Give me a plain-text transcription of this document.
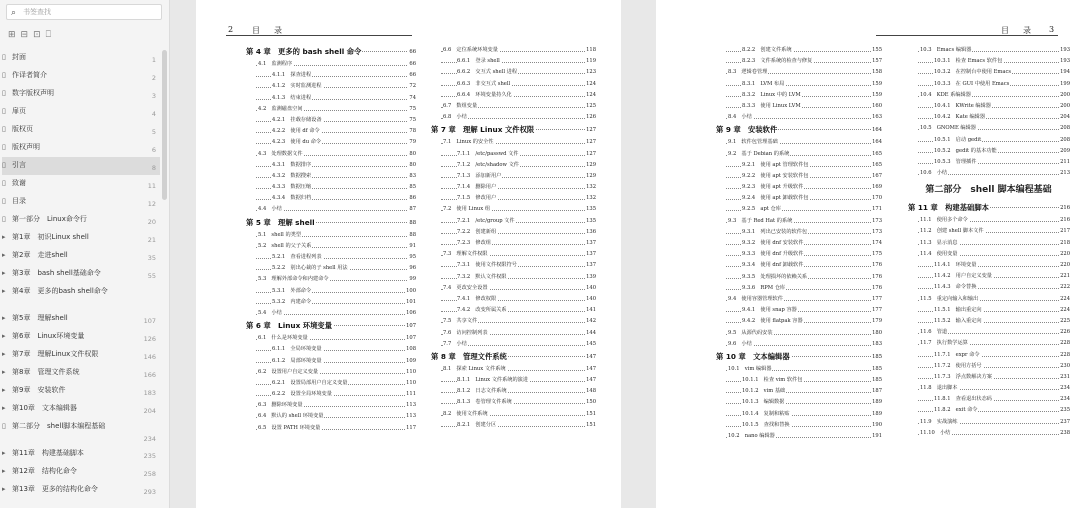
⌕ 书签查找
⊞⊟⊡⎕
▯ 封面	1
▯ 作译者简介	2
▯ 数字版权声明	3
▯ 扉页	4
▯ 版权页	5
▯ 版权声明	6
▯ 引言	8
▯ 致谢	11
▯ 目录	12
▯ 第一部分　Linux命令行	20
▸ 第1章　初识Linux shell	21
▸ 第2章　走进shell	35
▸ 第3章　bash shell基础命令	55
▸ 第4章　更多的bash shell命令
▸ 第5章　理解shell	107
▸ 第6章　Linux环境变量	126
▸ 第7章　理解Linux文件权限	146
▸ 第8章　管理文件系统	166
▸ 第9章　安装软件	183
▸ 第10章　文本编辑器	204
▯ 第二部分　shell脚本编程基础
234
▸ 第11章　构建基础脚本	235
▸ 第12章　结构化命令	258
▸ 第13章　更多的结构化命令	293
2 目　录
第 4 章　更多的 bash shell 命令	66
4.1　监测程序	66
4.1.1　探查进程	66
4.1.2　实时监测进程	72
4.1.3　结束进程	74
4.2　监测磁盘空间	75
4.2.1　挂载存储设备	75
4.2.2　使用 df 命令	78
4.2.3　使用 du 命令	79
4.3　处理数据文件	80
4.3.1　数据排序	80
4.3.2　数据搜索	83
4.3.3　数据压缩	85
4.3.4　数据归档	86
4.4　小结	87
第 5 章　理解 shell	88
5.1　shell 的类型	88
5.2　shell 的父子关系	91
5.2.1　查看进程列表	95
5.2.2　别出心裁的子 shell 用法	96
5.3　理解外部命令和内建命令	99
5.3.1　外部命令	100
5.3.2　内建命令	101
5.4　小结	106
第 6 章　Linux 环境变量	107
6.1　什么是环境变量	107
6.1.1　全局环境变量	108
6.1.2　局部环境变量	109
6.2　设置用户自定义变量	110
6.2.1　设置局部用户自定义变量	110
6.2.2　设置全局环境变量	111
6.3　删除环境变量	113
6.4　默认的 shell 环境变量	113
6.5　设置 PATH 环境变量	117
6.6　定位系统环境变量	118
6.6.1　登录 shell	119
6.6.2　交互式 shell 进程	123
6.6.3　非交互式 shell	124
6.6.4　环境变量持久化	124
6.7　数组变量	125
6.8　小结	126
第 7 章　理解 Linux 文件权限	127
7.1　Linux 的安全性	127
7.1.1　/etc/passwd 文件	127
7.1.2　/etc/shadow 文件	129
7.1.3　添加新用户	129
7.1.4　删除用户	132
7.1.5　修改用户	132
7.2　使用 Linux 组	135
7.2.1　/etc/group 文件	135
7.2.2　创建新组	136
7.2.3　修改组	137
7.3　理解文件权限	137
7.3.1　使用文件权限符号	137
7.3.2　默认文件权限	139
7.4　更改安全设置	140
7.4.1　修改权限	140
7.4.2　改变所属关系	141
7.5　共享文件	142
7.6　访问控制列表	144
7.7　小结	145
第 8 章　管理文件系统	147
8.1　探索 Linux 文件系统	147
8.1.1　Linux 文件系统的演进	147
8.1.2　日志文件系统	148
8.1.3　卷管理文件系统	150
8.2　使用文件系统	151
8.2.1　创建分区	151
目　录 3
8.2.2　创建文件系统	155
8.2.3　文件系统的检查与修复	157
8.3　逻辑卷管理	158
8.3.1　LVM 布局	159
8.3.2　Linux 中的 LVM	159
8.3.3　使用 Linux LVM	160
8.4　小结	163
第 9 章　安装软件	164
9.1　软件包管理基础	164
9.2　基于 Debian 的系统	165
9.2.1　使用 apt 管理软件包	165
9.2.2　使用 apt 安装软件包	167
9.2.3　使用 apt 升级软件	169
9.2.4　使用 apt 卸载软件包	170
9.2.5　apt 仓库	171
9.3　基于 Red Hat 的系统	173
9.3.1　列出已安装的软件包	173
9.3.2　使用 dnf 安装软件	174
9.3.3　使用 dnf 升级软件	175
9.3.4　使用 dnf 卸载软件	176
9.3.5　处理损坏的依赖关系	176
9.3.6　RPM 仓库	176
9.4　使用容器管理软件	177
9.4.1　使用 snap 容器	177
9.4.2　使用 flatpak 容器	179
9.5　从源代码安装	180
9.6　小结	183
第 10 章　文本编辑器	185
10.1　vim 编辑器	185
10.1.1　检查 vim 软件包	185
10.1.2　vim 基础	187
10.1.3　编辑数据	189
10.1.4　复制和粘贴	189
10.1.5　查找和替换	190
10.2　nano 编辑器	191
10.3　Emacs 编辑器	193
10.3.1　检查 Emacs 软件包	193
10.3.2　在控制台中使用 Emacs	194
10.3.3　在 GUI 中使用 Emacs	199
10.4　KDE 系编辑器	200
10.4.1　KWrite 编辑器	200
10.4.2　Kate 编辑器	204
10.5　GNOME 编辑器	208
10.5.1　启动 gedit	208
10.5.2　gedit 的基本功能	209
10.5.3　管理插件	211
10.6　小结	213
第二部分　shell 脚本编程基础
第 11 章　构建基础脚本	216
11.1　使用多个命令	216
11.2　创建 shell 脚本文件	217
11.3　显示消息	218
11.4　使用变量	220
11.4.1　环境变量	220
11.4.2　用户自定义变量	221
11.4.3　命令替换	222
11.5　重定向输入和输出	224
11.5.1　输出重定向	224
11.5.2　输入重定向	225
11.6　管道	226
11.7　执行数学运算	228
11.7.1　expr 命令	228
11.7.2　使用方括号	230
11.7.3　浮点数解决方案	231
11.8　退出脚本	234
11.8.1　查看退出状态码	234
11.8.2　exit 命令	235
11.9　实战演练	237
11.10　小结	238
